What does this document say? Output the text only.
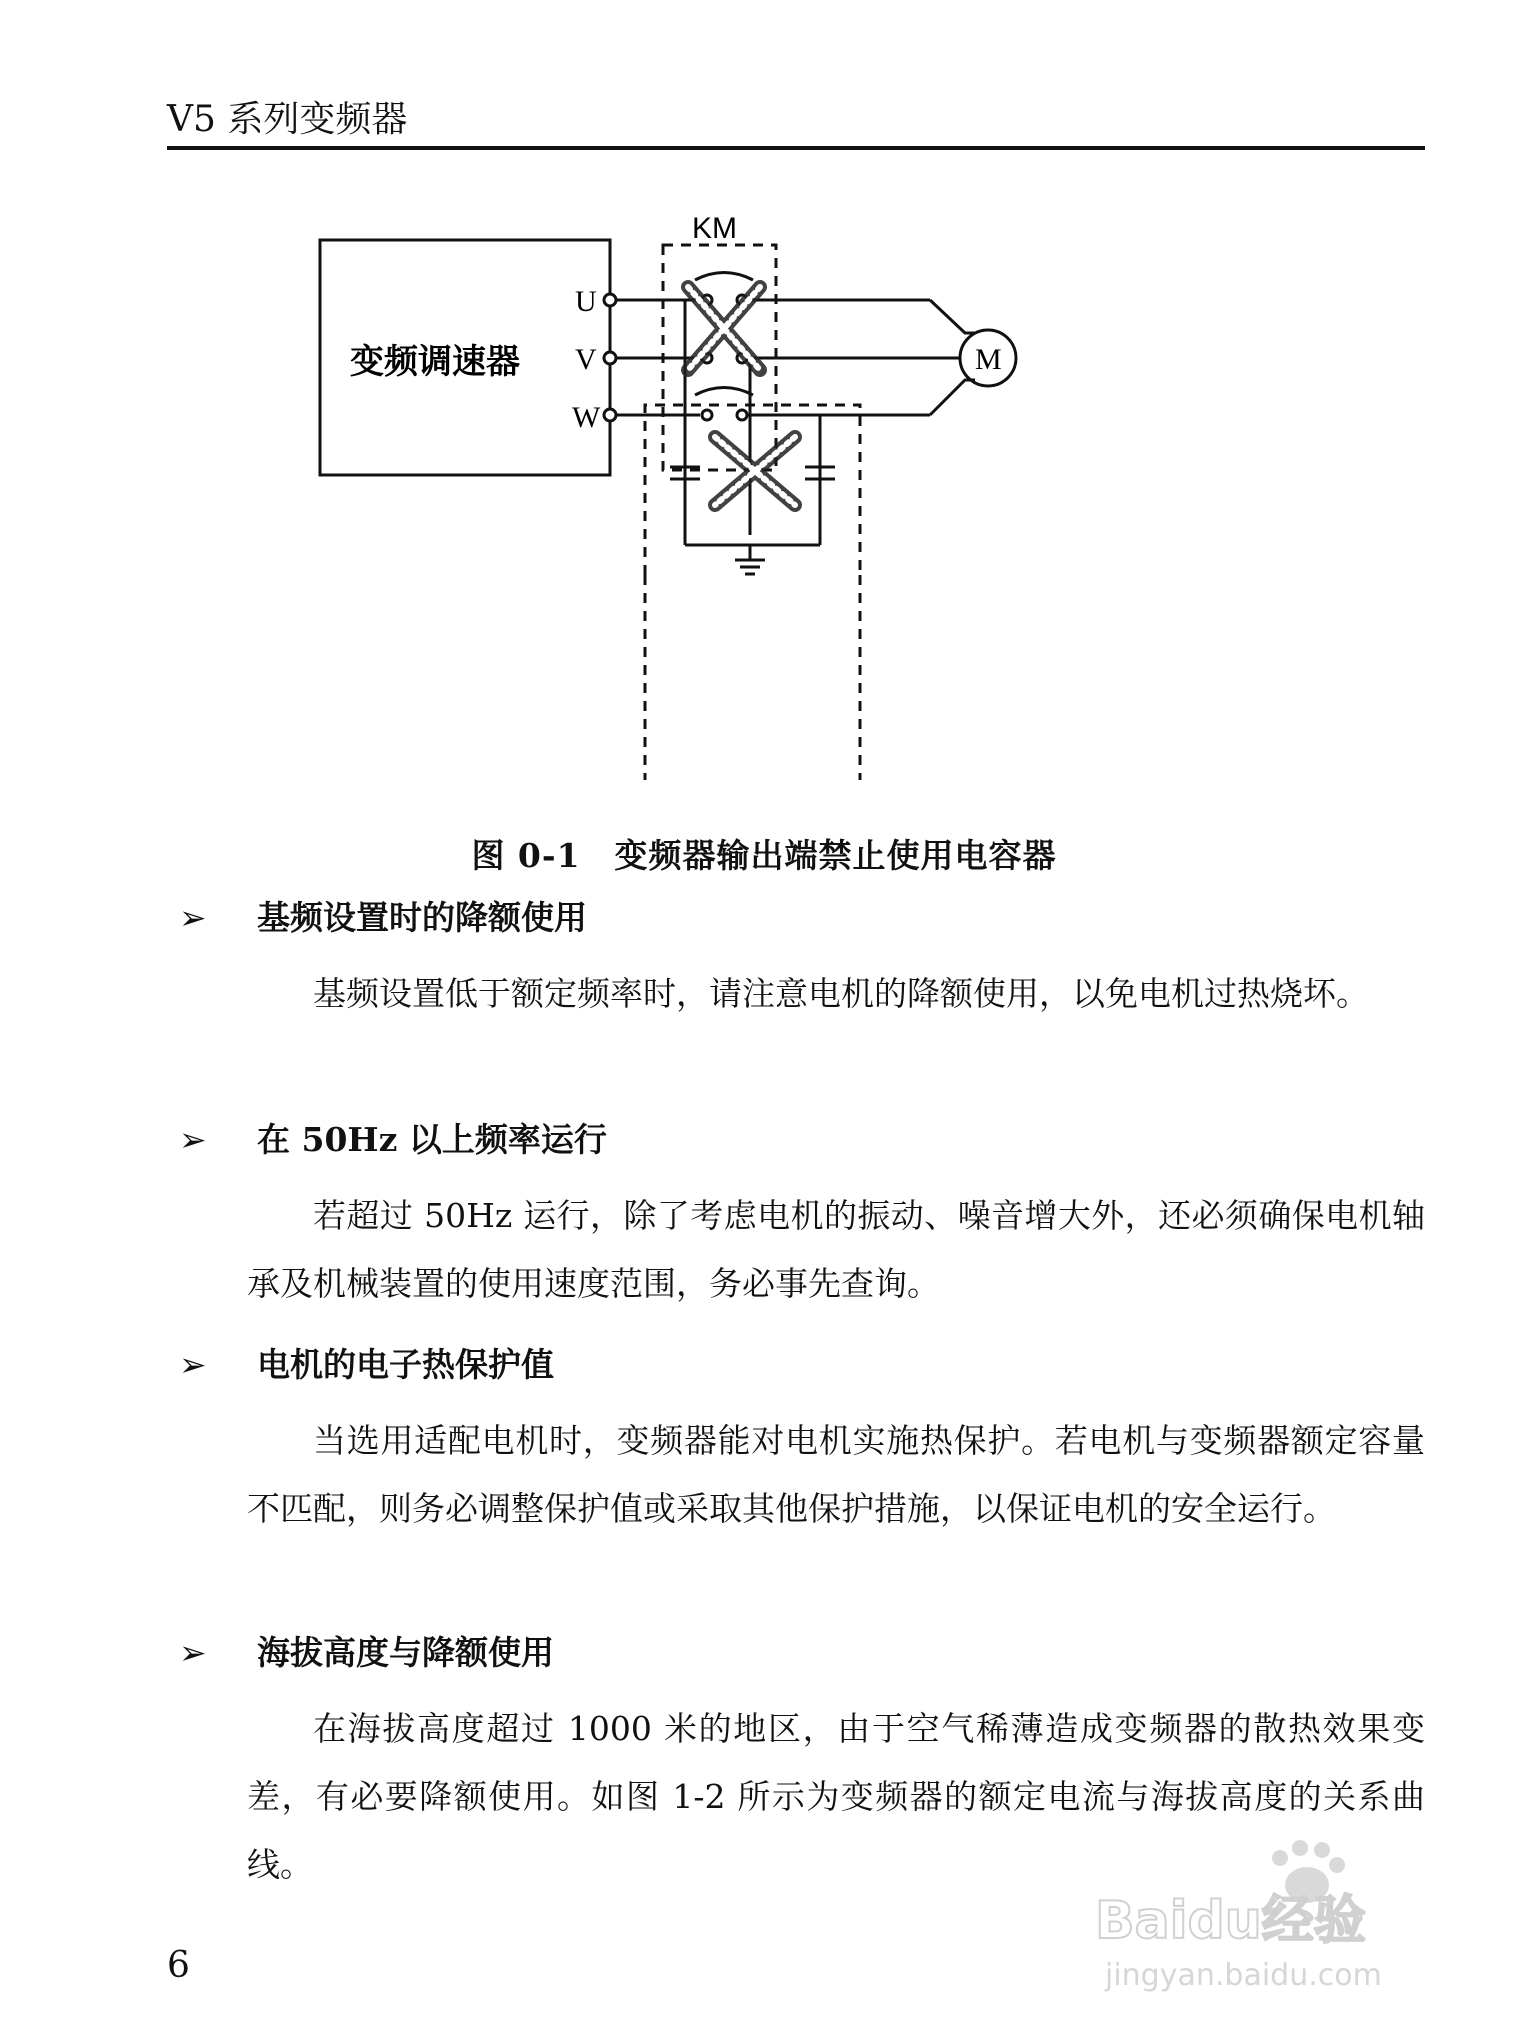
V5 系列变频器
变频调速器
U
V
W
KM
M
图 0-1　变频器输出端禁止使用电容器
➢ 基频设置时的降额使用
基频设置低于额定频率时，请注意电机的降额使用，以免电机过热烧坏。
➢ 在 50Hz 以上频率运行
若超过 50Hz 运行，除了考虑电机的振动、噪音增大外，还必须确保电机轴承及机械装置的使用速度范围，务必事先查询。
➢ 电机的电子热保护值
当选用适配电机时，变频器能对电机实施热保护。若电机与变频器额定容量不匹配，则务必调整保护值或采取其他保护措施，以保证电机的安全运行。
➢ 海拔高度与降额使用
在海拔高度超过 1000 米的地区，由于空气稀薄造成变频器的散热效果变差，有必要降额使用。如图 1-2 所示为变频器的额定电流与海拔高度的关系曲线。
6
Baidu经验
jingyan.baidu.com
